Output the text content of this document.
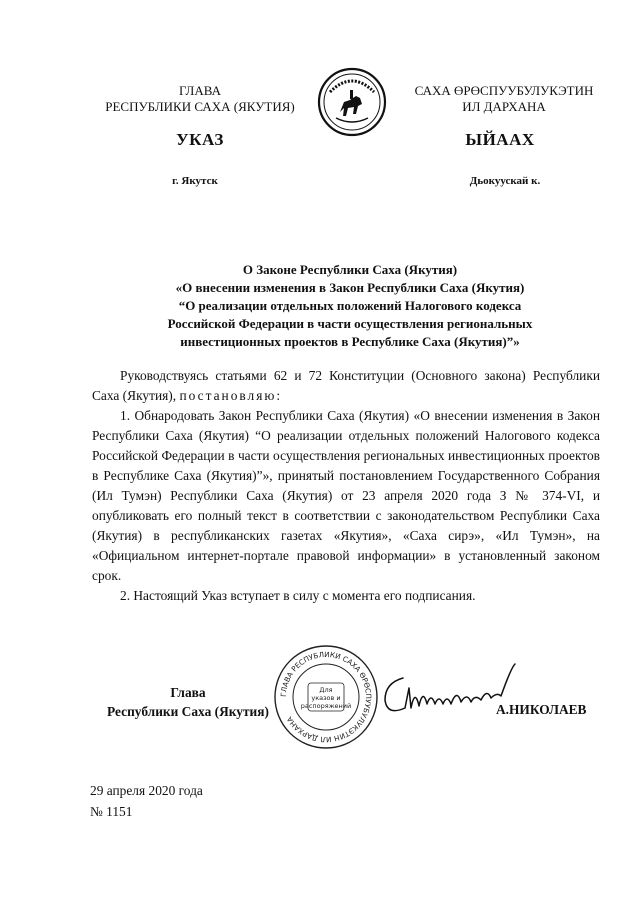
ГЛАВА
РЕСПУБЛИКИ САХА (ЯКУТИЯ)
САХА ӨРӨСПУУБУЛУКЭТИН
ИЛ ДАРХАНА
УКАЗ	ЫЙААХ
г. Якутск	Дьокуускай к.
О Законе Республики Саха (Якутия)
«О внесении изменения в Закон Республики Саха (Якутия)
“О реализации отдельных положений Налогового кодекса
Российской Федерации в части осуществления региональных
инвестиционных проектов в Республике Саха (Якутия)”»

Руководствуясь статьями 62 и 72 Конституции (Основного закона) Республики Саха (Якутия), постановляю:

1. Обнародовать Закон Республики Саха (Якутия) «О внесении изменения в Закон Республики Саха (Якутия) “О реализации отдельных положений Налогового кодекса Российской Федерации в части осуществления региональных инвестиционных проектов в Республике Саха (Якутия)”», принятый постановлением Государственного Собрания (Ил Тумэн) Республики Саха (Якутия) от 23 апреля 2020 года З № 374-VI, и опубликовать его полный текст в соответствии с законодательством Республики Саха (Якутия) в республиканских газетах «Якутия», «Саха сирэ», «Ил Тумэн», на «Официальном интернет-портале правовой информации» в установленный законом срок.

2. Настоящий Указ вступает в силу с момента его подписания.

Глава
Республики Саха (Якутия)
ГЛАВА РЕСПУБЛИКИ САХА ӨРӨСПУУБУЛУКЭТИН ИЛ ДАРХАНА
Для
указов и
распоряжений	А.НИКОЛАЕВ
29 апреля 2020 года
№ 1151
